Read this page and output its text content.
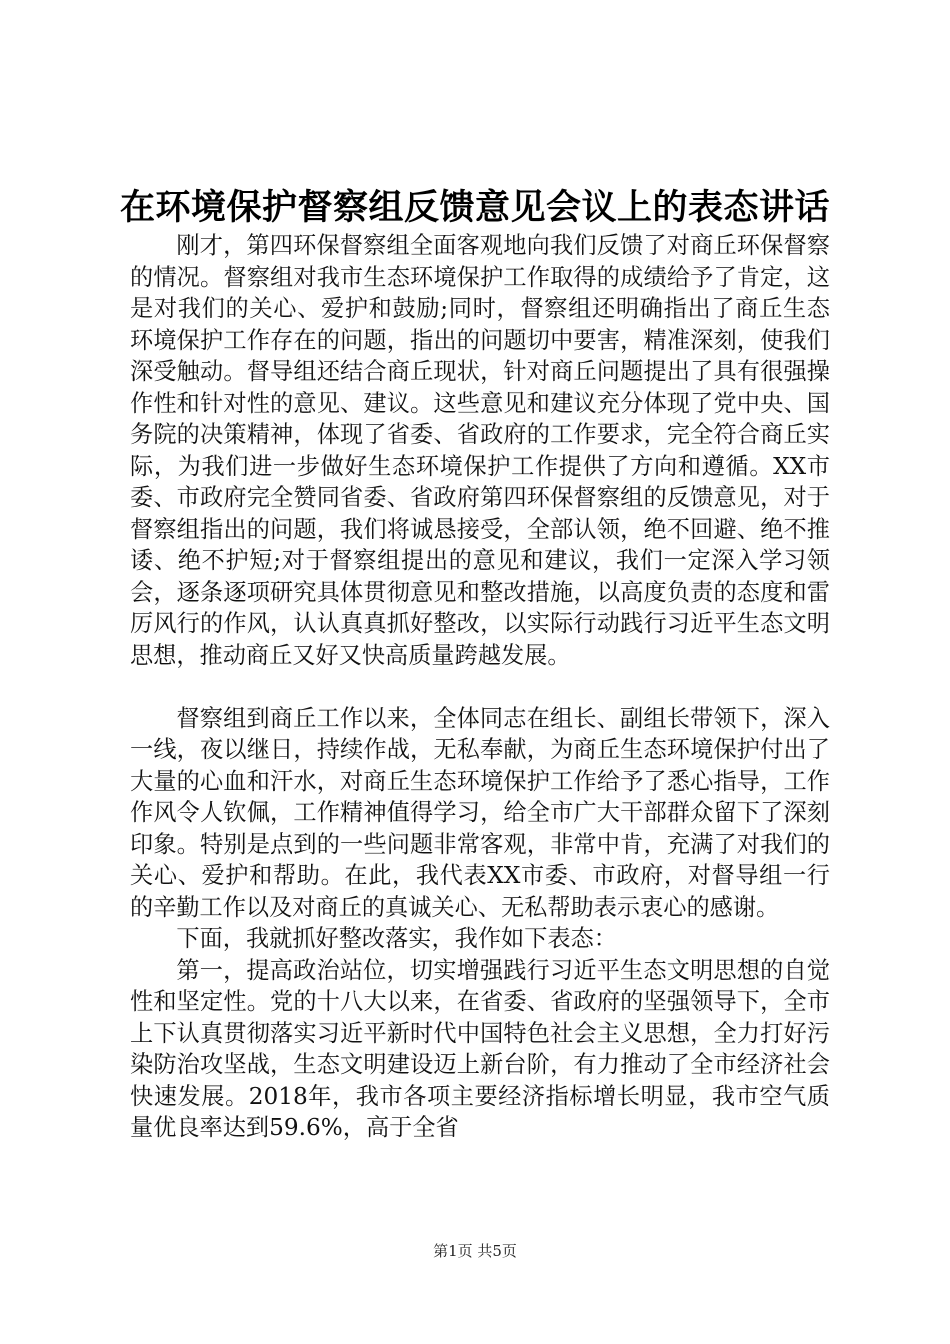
在环境保护督察组反馈意见会议上的表态讲话

刚才，第四环保督察组全面客观地向我们反馈了对商丘环保督察的情况。督察组对我市生态环境保护工作取得的成绩给予了肯定，这是对我们的关心、爱护和鼓励;同时，督察组还明确指出了商丘生态环境保护工作存在的问题，指出的问题切中要害，精准深刻，使我们深受触动。督导组还结合商丘现状，针对商丘问题提出了具有很强操作性和针对性的意见、建议。这些意见和建议充分体现了党中央、国务院的决策精神，体现了省委、省政府的工作要求，完全符合商丘实际，为我们进一步做好生态环境保护工作提供了方向和遵循。XX市委、市政府完全赞同省委、省政府第四环保督察组的反馈意见，对于督察组指出的问题，我们将诚恳接受，全部认领，绝不回避、绝不推诿、绝不护短;对于督察组提出的意见和建议，我们一定深入学习领会，逐条逐项研究具体贯彻意见和整改措施，以高度负责的态度和雷厉风行的作风，认认真真抓好整改，以实际行动践行习近平生态文明思想，推动商丘又好又快高质量跨越发展。

督察组到商丘工作以来，全体同志在组长、副组长带领下，深入一线，夜以继日，持续作战，无私奉献，为商丘生态环境保护付出了大量的心血和汗水，对商丘生态环境保护工作给予了悉心指导，工作作风令人钦佩，工作精神值得学习，给全市广大干部群众留下了深刻印象。特别是点到的一些问题非常客观，非常中肯，充满了对我们的关心、爱护和帮助。在此，我代表XX市委、市政府，对督导组一行的辛勤工作以及对商丘的真诚关心、无私帮助表示衷心的感谢。

下面，我就抓好整改落实，我作如下表态：

第一，提高政治站位，切实增强践行习近平生态文明思想的自觉性和坚定性。党的十八大以来，在省委、省政府的坚强领导下，全市上下认真贯彻落实习近平新时代中国特色社会主义思想，全力打好污染防治攻坚战，生态文明建设迈上新台阶，有力推动了全市经济社会快速发展。2018年，我市各项主要经济指标增长明显，我市空气质量优良率达到59.6%，高于全省

第1页 共5页
